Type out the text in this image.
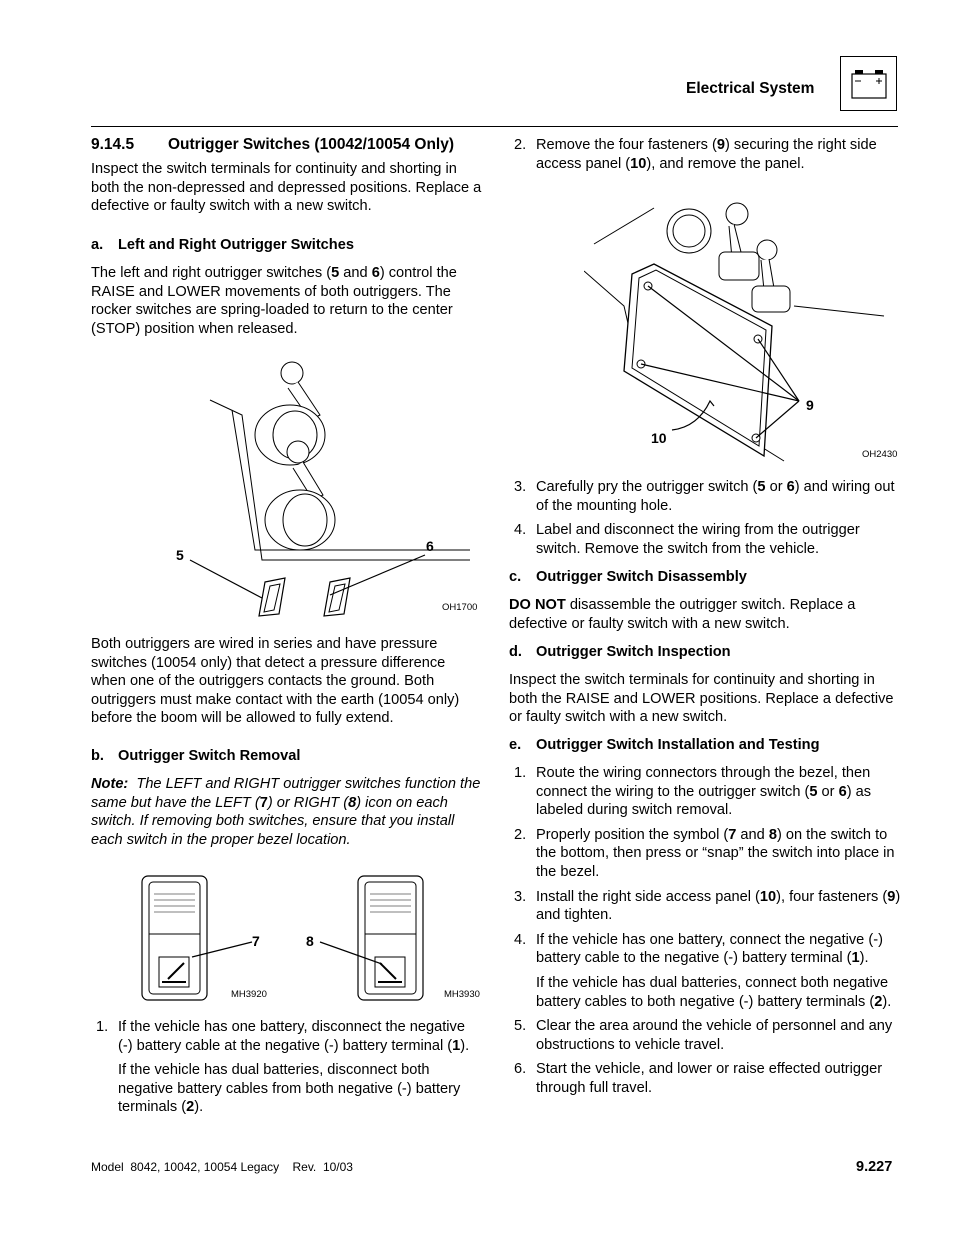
Electrical System
9.14.5 Outrigger Switches (10042/10054 Only)

Inspect the switch terminals for continuity and shorting in both the non-depressed and depressed positions. Replace a defective or faulty switch with a new switch.

a. Left and Right Outrigger Switches

The left and right outrigger switches (5 and 6) control the RAISE and LOWER movements of both outriggers. The rocker switches are spring-loaded to return to the center (STOP) position when released.

5
6
OH1700

Both outriggers are wired in series and have pressure switches (10054 only) that detect a pressure difference when one of the outriggers contacts the ground. Both outriggers must make contact with the earth (10054 only) before the boom will be allowed to fully extend.

b. Outrigger Switch Removal

Note: The LEFT and RIGHT outrigger switches function the same but have the LEFT (7) or RIGHT (8) icon on each switch. If removing both switches, ensure that you install each switch in the proper bezel location.

7	8
MH3920	MH3930
1. If the vehicle has one battery, disconnect the negative (-) battery cable at the negative (-) battery terminal (1).

If the vehicle has dual batteries, disconnect both negative battery cables from both negative (-) battery terminals (2).

2. Remove the four fasteners (9) securing the right side access panel (10), and remove the panel.

9
10
OH2430
3. Carefully pry the outrigger switch (5 or 6) and wiring out of the mounting hole.

4. Label and disconnect the wiring from the outrigger switch. Remove the switch from the vehicle.

c. Outrigger Switch Disassembly

DO NOT disassemble the outrigger switch. Replace a defective or faulty switch with a new switch.

d. Outrigger Switch Inspection

Inspect the switch terminals for continuity and shorting in both the RAISE and LOWER positions. Replace a defective or faulty switch with a new switch.

e. Outrigger Switch Installation and Testing
1. Route the wiring connectors through the bezel, then connect the wiring to the outrigger switch (5 or 6) as labeled during switch removal.

2. Properly position the symbol (7 and 8) on the switch to the bottom, then press or “snap” the switch into place in the bezel.

3. Install the right side access panel (10), four fasteners (9) and tighten.

4. If the vehicle has one battery, connect the negative (-) battery cable to the negative (-) battery terminal (1).

If the vehicle has dual batteries, connect both negative battery cables to both negative (-) battery terminals (2).

5. Clear the area around the vehicle of personnel and any obstructions to vehicle travel.

6. Start the vehicle, and lower or raise effected outrigger through full travel.

Model  8042, 10042, 10054 Legacy    Rev.  10/03	9.227
